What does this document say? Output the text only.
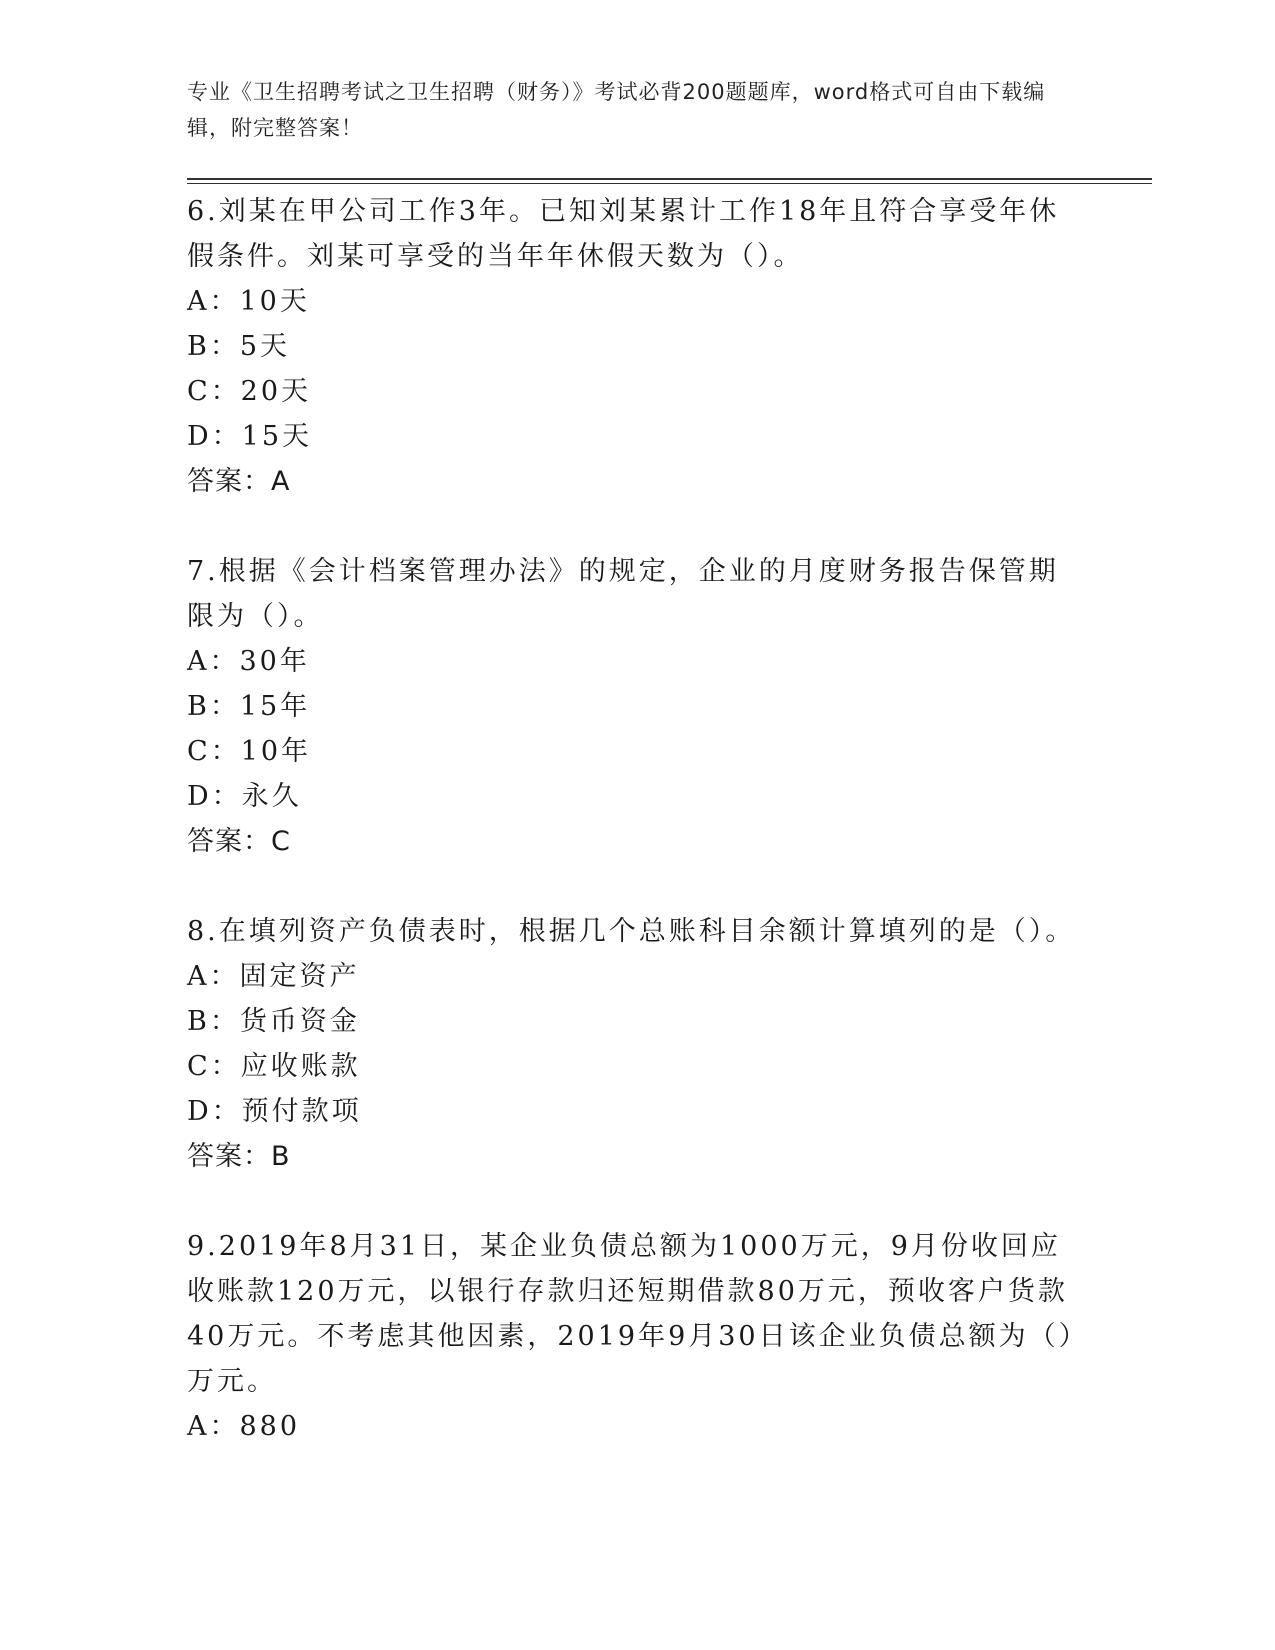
专业《卫生招聘考试之卫生招聘（财务）》考试必背200题题库，word格式可自由下载编辑，附完整答案！

6.刘某在甲公司工作3年。已知刘某累计工作18年且符合享受年休假条件。刘某可享受的当年年休假天数为（）。

A：10天

B：5天

C：20天

D：15天

答案：A

7.根据《会计档案管理办法》的规定，企业的月度财务报告保管期限为（）。

A：30年

B：15年

C：10年

D：永久

答案：C

8.在填列资产负债表时，根据几个总账科目余额计算填列的是（）。

A：固定资产

B：货币资金

C：应收账款

D：预付款项

答案：B

9.2019年8月31日，某企业负债总额为1000万元，9月份收回应收账款120万元，以银行存款归还短期借款80万元，预收客户货款40万元。不考虑其他因素，2019年9月30日该企业负债总额为（）万元。

A：880
